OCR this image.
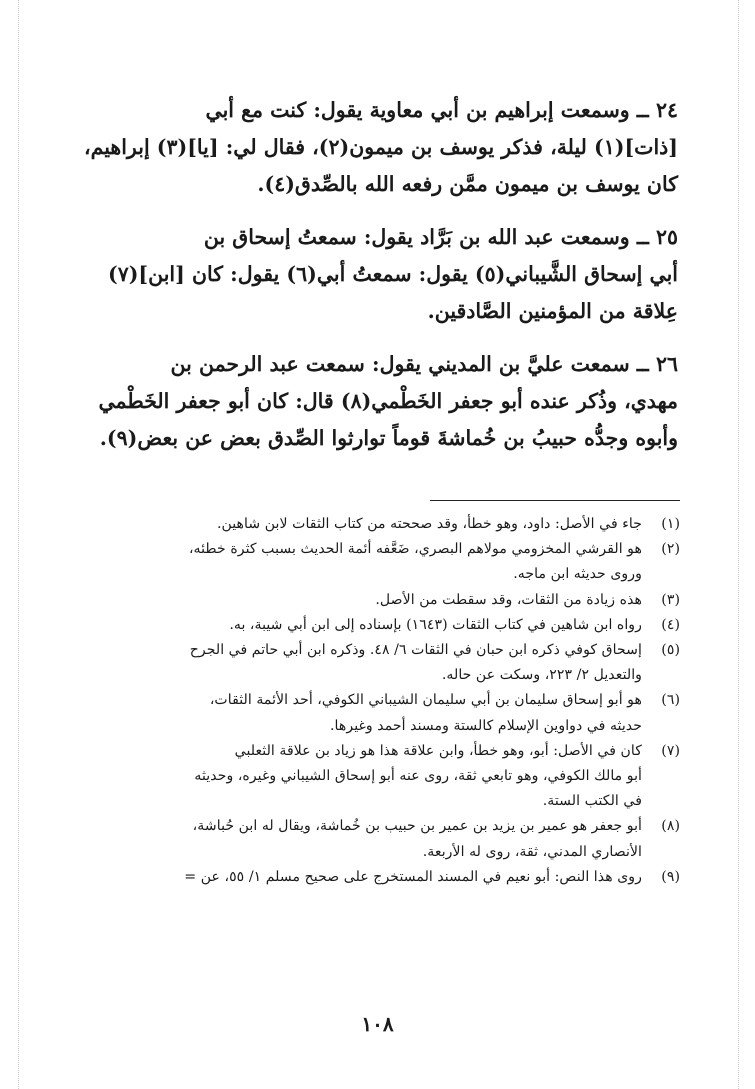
٢٤ ــ وسمعت إبراهيم بن أبي معاوية يقول: كنت مع أبي
[ذات](١) ليلة، فذكر يوسف بن ميمون(٢)، فقال لي: [يا](٣) إبراهيم،
كان يوسف بن ميمون ممَّن رفعه الله بالصِّدق(٤).

٢٥ ــ وسمعت عبد الله بن بَرَّاد يقول: سمعتُ إسحاق بن
أبي إسحاق الشَّيباني(٥) يقول: سمعتُ أبي(٦) يقول: كان [ابن](٧)
عِلاقة من المؤمنين الصَّادقين.

٢٦ ــ سمعت عليَّ بن المديني يقول: سمعت عبد الرحمن بن
مهدي، وذُكر عنده أبو جعفر الخَطْمي(٨) قال: كان أبو جعفر الخَطْمي
وأبوه وجدُّه حبيبُ بن خُماشةَ قوماً توارثوا الصِّدق بعض عن بعض(٩).

(١)
جاء في الأصل: داود، وهو خطأ، وقد صححته من كتاب الثقات لابن شاهين.
(٢)
هو القرشي المخزومي مولاهم البصري، ضَعَّفه أئمة الحديث بسبب كثرة خطئه،
وروى حديثه ابن ماجه.
(٣)
هذه زيادة من الثقات، وقد سقطت من الأصل.
(٤)
رواه ابن شاهين في كتاب الثقات (١٦٤٣) بإسناده إلى ابن أبي شيبة، به.
(٥)
إسحاق كوفي ذكره ابن حبان في الثقات ٦/ ٤٨. وذكره ابن أبي حاتم في الجرح
والتعديل ٢/ ٢٢٣، وسكت عن حاله.
(٦)
هو أبو إسحاق سليمان بن أبي سليمان الشيباني الكوفي، أحد الأئمة الثقات،
حديثه في دواوين الإسلام كالستة ومسند أحمد وغيرها.
(٧)
كان في الأصل: أبو، وهو خطأ، وابن علاقة هذا هو زياد بن علاقة الثعلبي
أبو مالك الكوفي، وهو تابعي ثقة، روى عنه أبو إسحاق الشيباني وغيره، وحديثه
في الكتب الستة.
(٨)
أبو جعفر هو عمير بن يزيد بن عمير بن حبيب بن خُماشة، ويقال له ابن حُباشة،
الأنصاري المدني، ثقة، روى له الأربعة.
(٩)
روى هذا النص: أبو نعيم في المسند المستخرج على صحيح مسلم ١/ ٥٥، عن =
١٠٨
